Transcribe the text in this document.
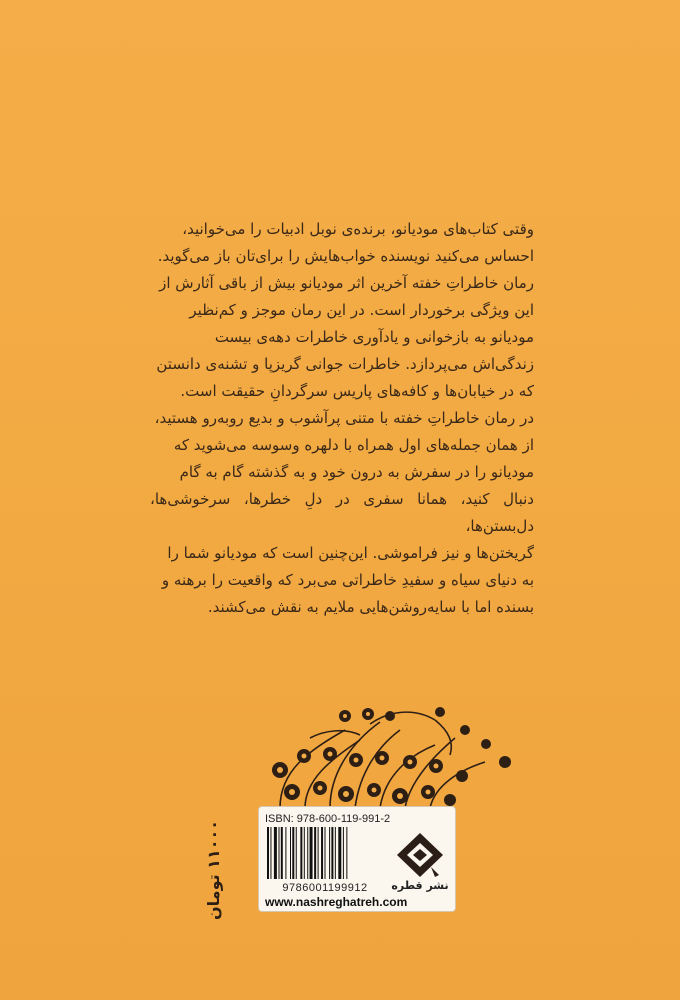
وقتی کتاب‌های مودیانو، برنده‌ی نوبل ادبیات را می‌خوانید،

احساس می‌کنید نویسنده خواب‌هایش را برای‌تان باز می‌گوید.

رمان خاطراتِ خفته آخرین اثر مودیانو بیش از باقی آثارش از

این ویژگی برخوردار است. در این رمان موجز و کم‌نظیر

مودیانو به بازخوانی و یادآوری خاطرات دهه‌ی بیست

زندگی‌اش می‌پردازد. خاطرات جوانی گریزپا و تشنه‌ی دانستن

که در خیابان‌ها و کافه‌های پاریس سرگردانِ حقیقت است.

در رمان خاطراتِ خفته با متنی پرآشوب و بدیع روبه‌رو هستید،

از همان جمله‌های اول همراه با دلهره وسوسه می‌شوید که

مودیانو را در سفرش به درون خود و به گذشته گام به گام

دنبال کنید، همانا سفری در دلِ خطرها، سرخوشی‌ها، دل‌بستن‌ها،

گریختن‌ها و نیز فراموشی. این‌چنین است که مودیانو شما را

به دنیای سیاه و سفیدِ خاطراتی می‌برد که واقعیت را برهنه و

بسنده اما با سایه‌روشن‌هایی ملایم به نقش می‌کشند.

۱۱۰۰۰ تومان
ISBN: 978-600-119-991-2
9786001199912
www.nashreghatreh.com
نشر قطره
